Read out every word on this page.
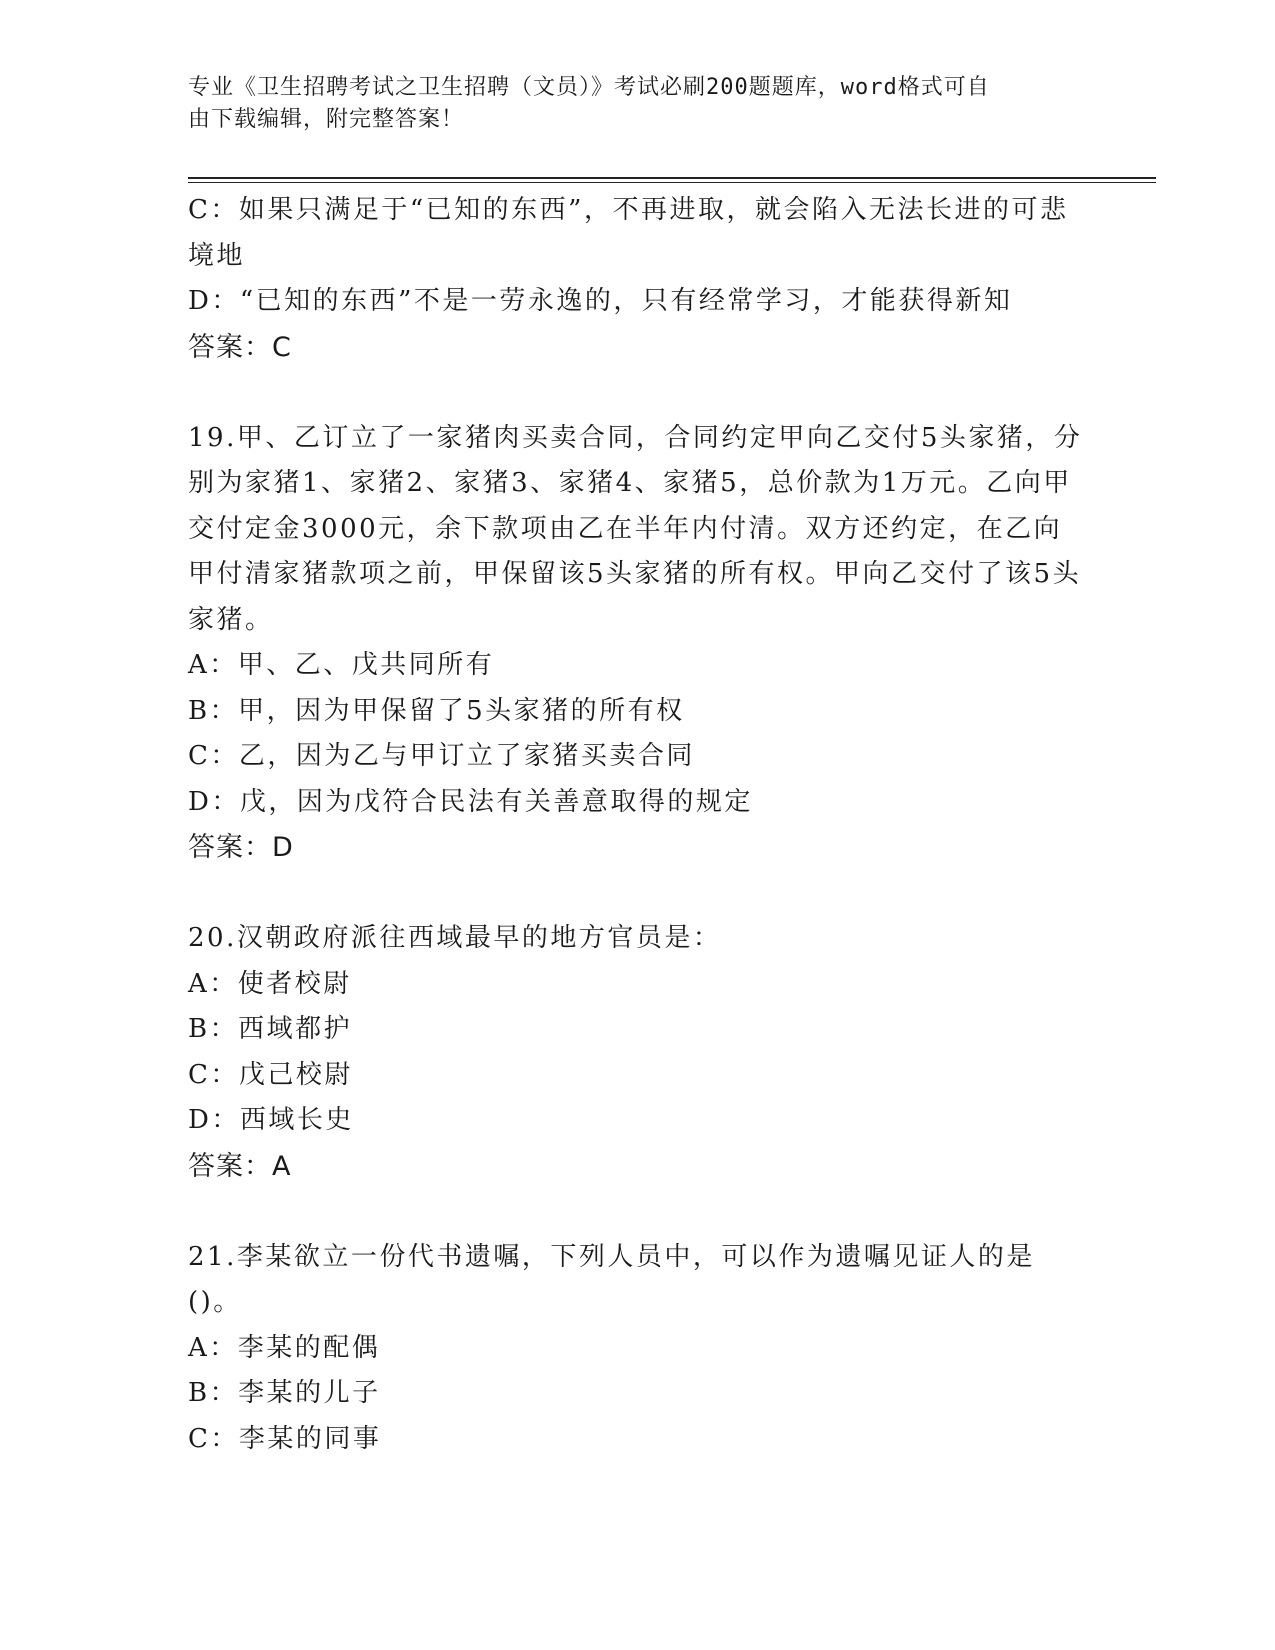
专业《卫生招聘考试之卫生招聘（文员）》考试必刷200题题库，word格式可自
由下载编辑，附完整答案！

C：如果只满足于“已知的东西”，不再进取，就会陷入无法长进的可悲境地

D：“已知的东西”不是一劳永逸的，只有经常学习，才能获得新知

答案：C

19.甲、乙订立了一家猪肉买卖合同，合同约定甲向乙交付5头家猪，分别为家猪1、家猪2、家猪3、家猪4、家猪5，总价款为1万元。乙向甲交付定金3000元，余下款项由乙在半年内付清。双方还约定，在乙向甲付清家猪款项之前，甲保留该5头家猪的所有权。甲向乙交付了该5头家猪。

A：甲、乙、戊共同所有

B：甲，因为甲保留了5头家猪的所有权

C：乙，因为乙与甲订立了家猪买卖合同

D：戊，因为戊符合民法有关善意取得的规定

答案：D

20.汉朝政府派往西域最早的地方官员是：

A：使者校尉

B：西域都护

C：戊己校尉

D：西域长史

答案：A

21.李某欲立一份代书遗嘱，下列人员中，可以作为遗嘱见证人的是()。

A：李某的配偶

B：李某的儿子

C：李某的同事
